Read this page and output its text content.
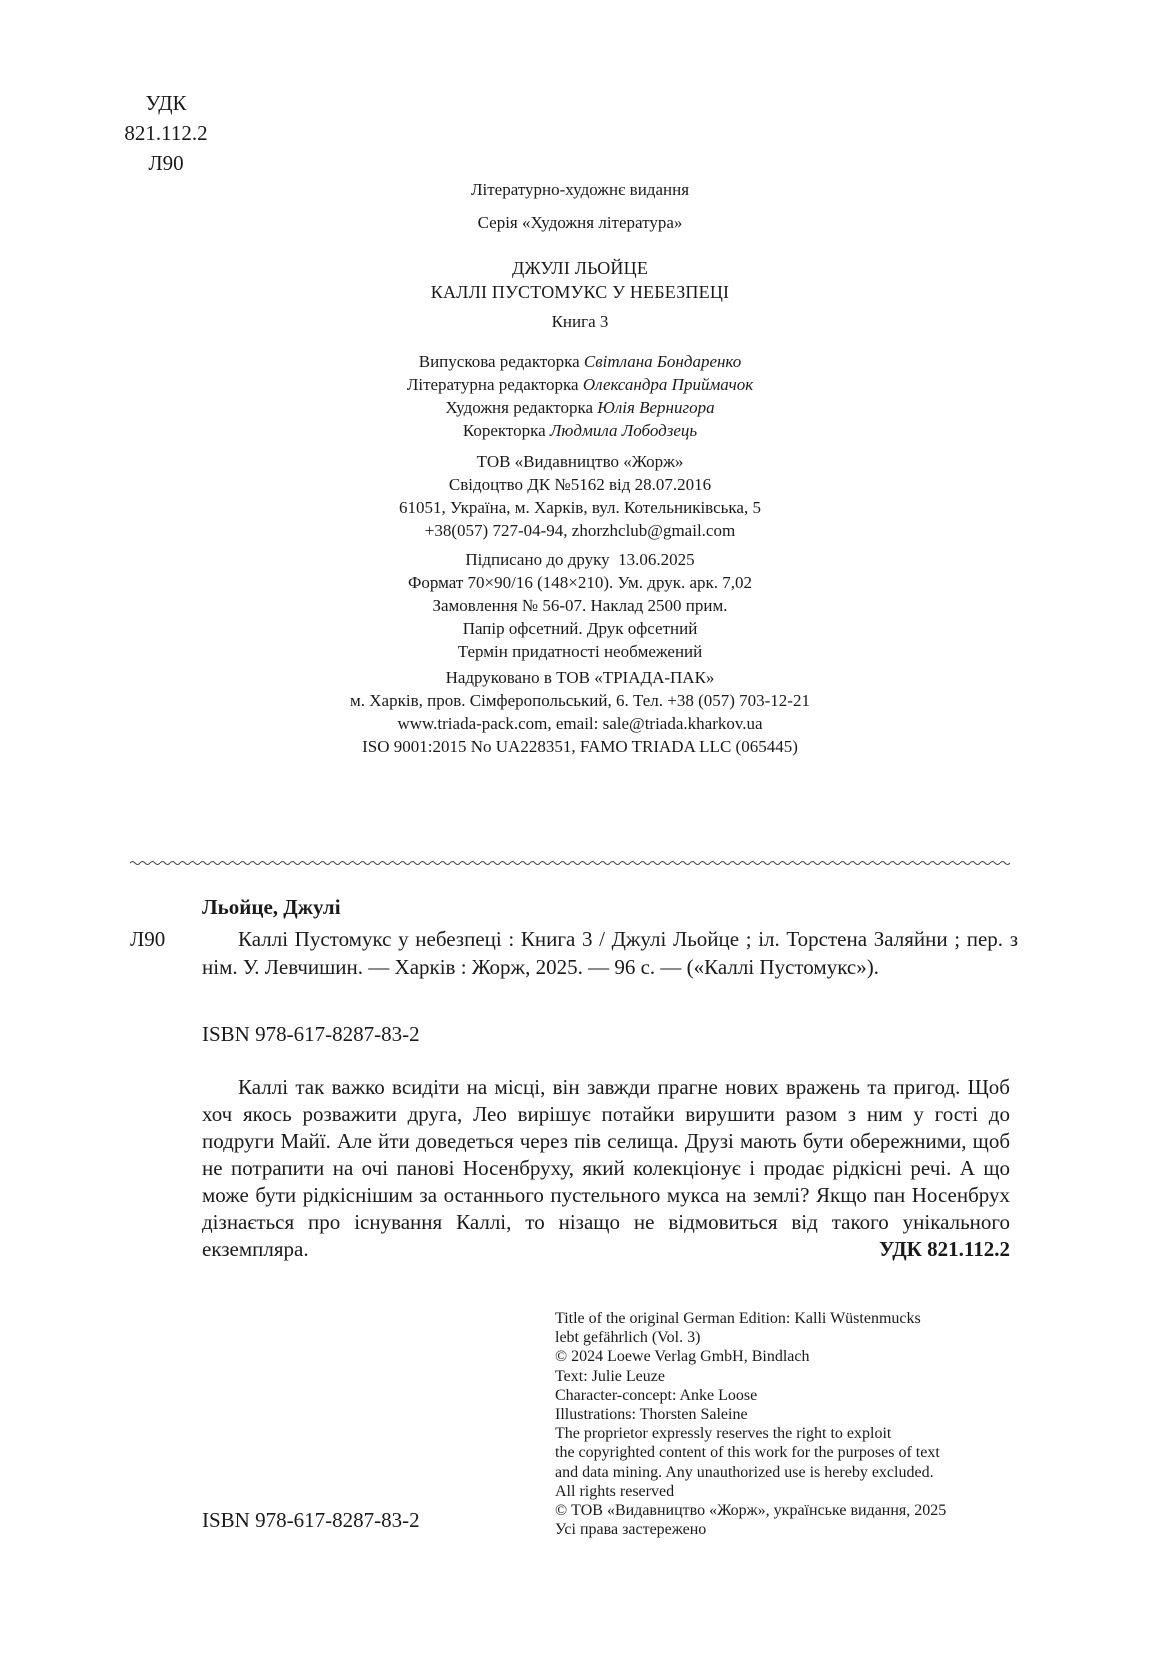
УДК 821.112.2
Л90
Літературно-художнє видання
Серія «Художня література»
ДЖУЛІ ЛЬОЙЦЕ
КАЛЛІ ПУСТОМУКС У НЕБЕЗПЕЦІ
Книга 3
Випускова редакторка Світлана Бондаренко
Літературна редакторка Олександра Приймачок
Художня редакторка Юлія Вернигора
Коректорка Людмила Лободзець
ТОВ «Видавництво «Жорж»
Свідоцтво ДК №5162 від 28.07.2016
61051, Україна, м. Харків, вул. Котельниківська, 5
+38(057) 727-04-94, zhorzhclub@gmail.com
Підписано до друку  13.06.2025
Формат 70×90/16 (148×210). Ум. друк. арк. 7,02
Замовлення № 56-07. Наклад 2500 прим.
Папір офсетний. Друк офсетний
Термін придатності необмежений
Надруковано в ТОВ «ТРІАДА-ПАК»
м. Харків, пров. Сімферопольський, 6. Тел. +38 (057) 703-12-21
www.triada-pack.com, email: sale@triada.kharkov.ua
ISO 9001:2015 No UA228351, FAMO TRIADA LLC (065445)
Льойце, Джулі
Л90	Каллі Пустомукс у небезпеці : Книга 3 / Джулі Льойце ; іл. Торстена Заляйни ; пер. з нім. У. Левчишин. — Харків : Жорж, 2025. — 96 с. — («Каллі Пустомукс»).
ISBN 978-617-8287-83-2

Каллі так важко всидіти на місці, він завжди прагне нових вражень та пригод. Щоб хоч якось розважити друга, Лео вирішує потайки вирушити разом з ним у гості до подруги Майї. Але йти доведеться через пів селища. Друзі мають бути обережними, щоб не потрапити на очі панові Носенбруху, який колекціонує і продає рідкісні речі. А що може бути рідкіснішим за останнього пустельного мукса на землі? Якщо пан Носенбрух дізнається про існування Каллі, то нізащо не відмовиться від такого унікального екземпляра.	УДК 821.112.2
Title of the original German Edition: Kalli Wüstenmucks
lebt gefährlich (Vol. 3)
© 2024 Loewe Verlag GmbH, Bindlach
Text: Julie Leuze
Character-concept: Anke Loose
Illustrations: Thorsten Saleine
The proprietor expressly reserves the right to exploit
the copyrighted content of this work for the purposes of text
and data mining. Any unauthorized use is hereby excluded.
All rights reserved
© ТОВ «Видавництво «Жорж», українське видання, 2025
Усі права застережено
ISBN 978-617-8287-83-2
